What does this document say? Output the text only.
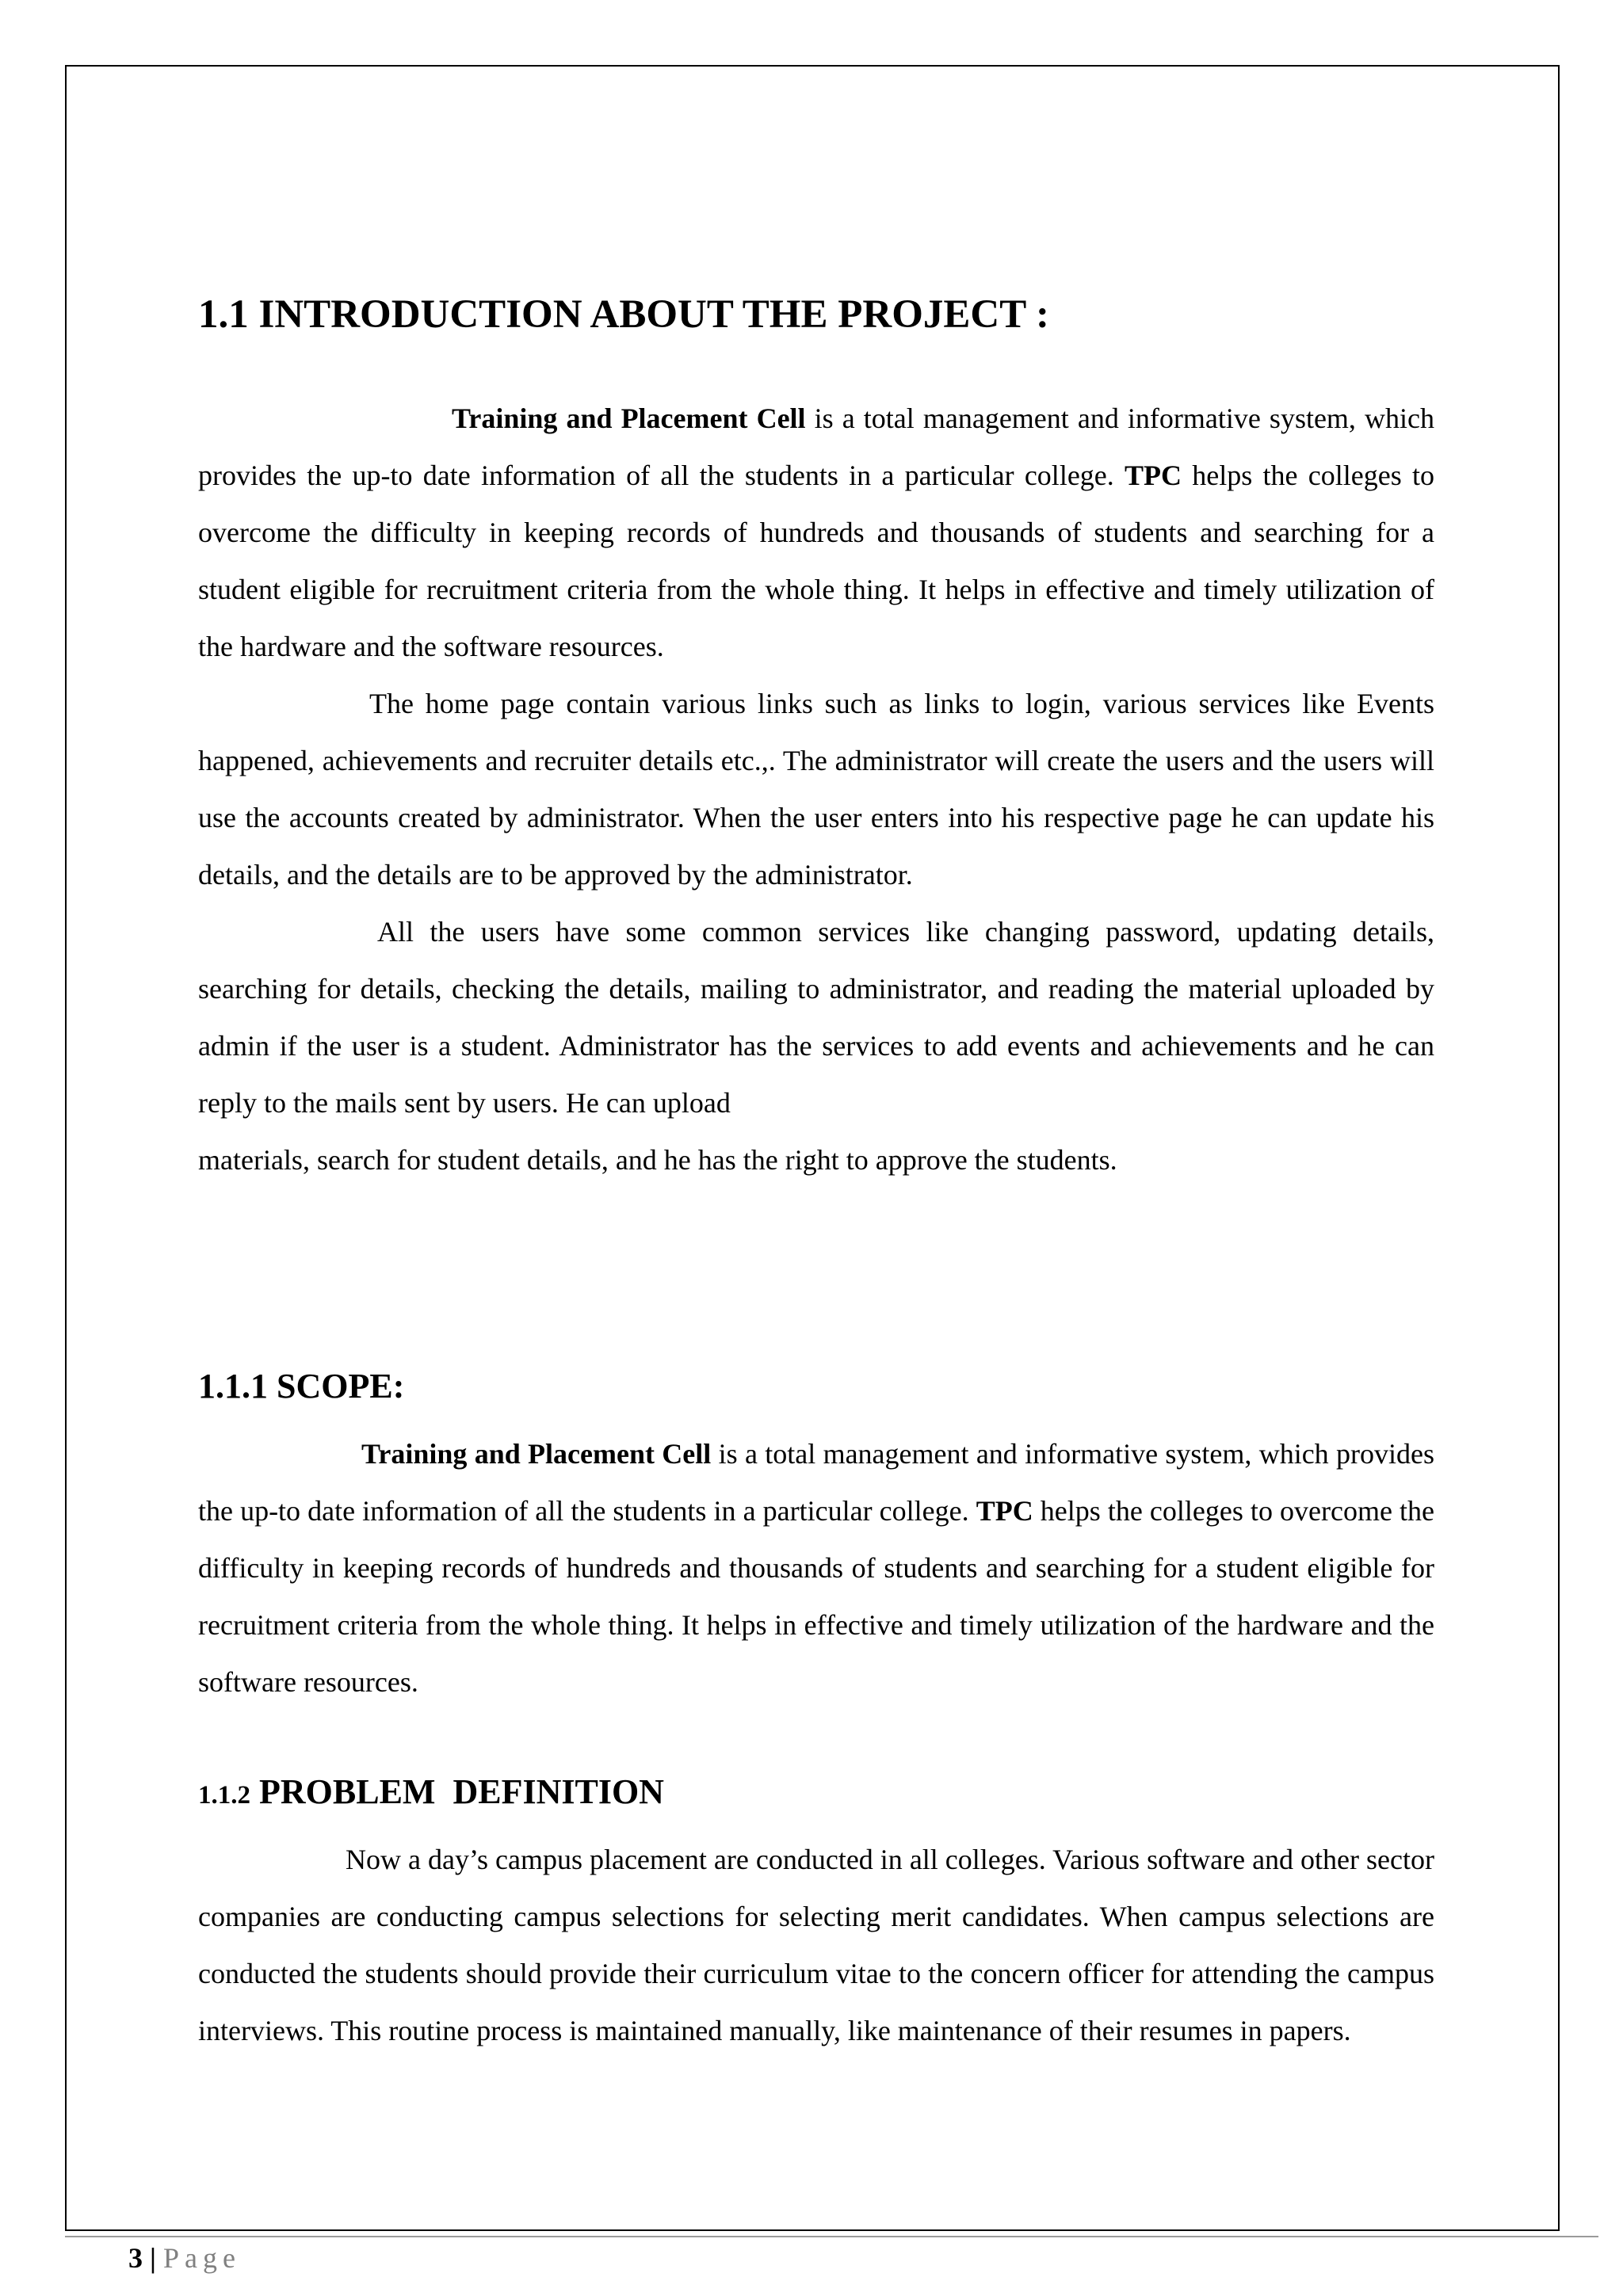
1.1 INTRODUCTION ABOUT THE PROJECT :

Training and Placement Cell is a total management and informative system, which provides the up-to date information of all the students in a particular college. TPC helps the colleges to overcome the difficulty in keeping records of hundreds and thousands of students and searching for a student eligible for recruitment criteria from the whole thing. It helps in effective and timely utilization of the hardware and the software resources.

The home page contain various links such as links to login, various services like Events happened, achievements and recruiter details etc.,. The administrator will create the users and the users will use the accounts created by administrator. When the user enters into his respective page he can update his details, and the details are to be approved by the administrator.

All the users have some common services like changing password, updating details, searching for details, checking the details, mailing to administrator, and reading the material uploaded by admin if the user is a student. Administrator has the services to add events and achievements and he can reply to the mails sent by users. He can upload

materials, search for student details, and he has the right to approve the students.

1.1.1 SCOPE:

Training and Placement Cell is a total management and informative system, which provides the up-to date information of all the students in a particular college. TPC helps the colleges to overcome the difficulty in keeping records of hundreds and thousands of students and searching for a student eligible for recruitment criteria from the whole thing. It helps in effective and timely utilization of the hardware and the software resources.

1.1.2 PROBLEM  DEFINITION

Now a day’s campus placement are conducted in all colleges. Various software and other sector companies are conducting campus selections for selecting merit candidates. When campus selections are conducted the students should provide their curriculum vitae to the concern officer for attending the campus interviews. This routine process is maintained manually, like maintenance of their resumes in papers.

3 | Page
